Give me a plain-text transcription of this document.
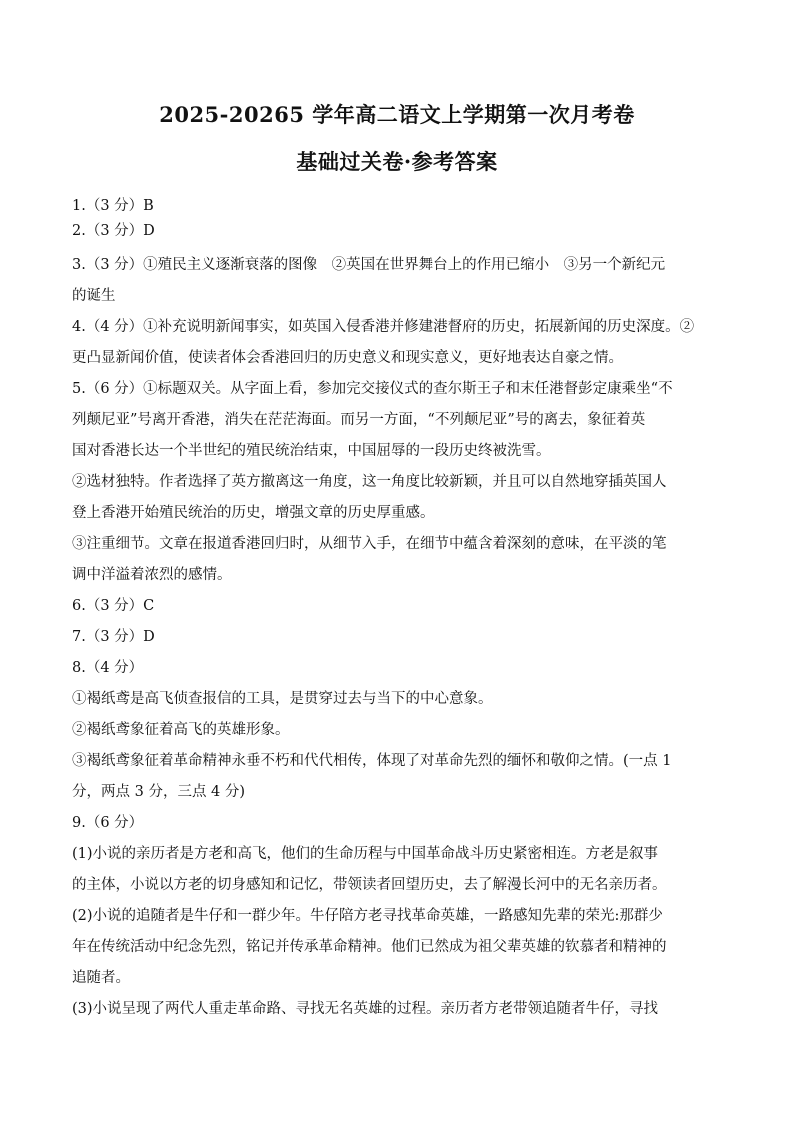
2025-20265 学年高二语文上学期第一次月考卷
基础过关卷·参考答案
1.（3 分）B
2.（3 分）D
3.（3 分）①殖民主义逐渐衰落的图像　②英国在世界舞台上的作用已缩小　③另一个新纪元
的诞生
4.（4 分）①补充说明新闻事实，如英国入侵香港并修建港督府的历史，拓展新闻的历史深度。②
更凸显新闻价值，使读者体会香港回归的历史意义和现实意义，更好地表达自豪之情。
5.（6 分）①标题双关。从字面上看，参加完交接仪式的查尔斯王子和末任港督彭定康乘坐“不
列颠尼亚”号离开香港，消失在茫茫海面。而另一方面，“不列颠尼亚”号的离去，象征着英
国对香港长达一个半世纪的殖民统治结束，中国屈辱的一段历史终被洗雪。
②选材独特。作者选择了英方撤离这一角度，这一角度比较新颖，并且可以自然地穿插英国人
登上香港开始殖民统治的历史，增强文章的历史厚重感。
③注重细节。文章在报道香港回归时，从细节入手，在细节中蕴含着深刻的意味，在平淡的笔
调中洋溢着浓烈的感情。
6.（3 分）C
7.（3 分）D
8.（4 分）
①褐纸鸢是高飞侦查报信的工具，是贯穿过去与当下的中心意象。
②褐纸鸢象征着高飞的英雄形象。
③褐纸鸢象征着革命精神永垂不朽和代代相传，体现了对革命先烈的缅怀和敬仰之情。(一点 1
分，两点 3 分，三点 4 分)
9.（6 分）
(1)小说的亲历者是方老和高飞，他们的生命历程与中国革命战斗历史紧密相连。方老是叙事
的主体，小说以方老的切身感知和记忆，带领读者回望历史，去了解漫长河中的无名亲历者。
(2)小说的追随者是牛仔和一群少年。牛仔陪方老寻找革命英雄，一路感知先辈的荣光:那群少
年在传统活动中纪念先烈，铭记并传承革命精神。他们已然成为祖父辈英雄的钦慕者和精神的
追随者。
(3)小说呈现了两代人重走革命路、寻找无名英雄的过程。亲历者方老带领追随者牛仔，寻找
